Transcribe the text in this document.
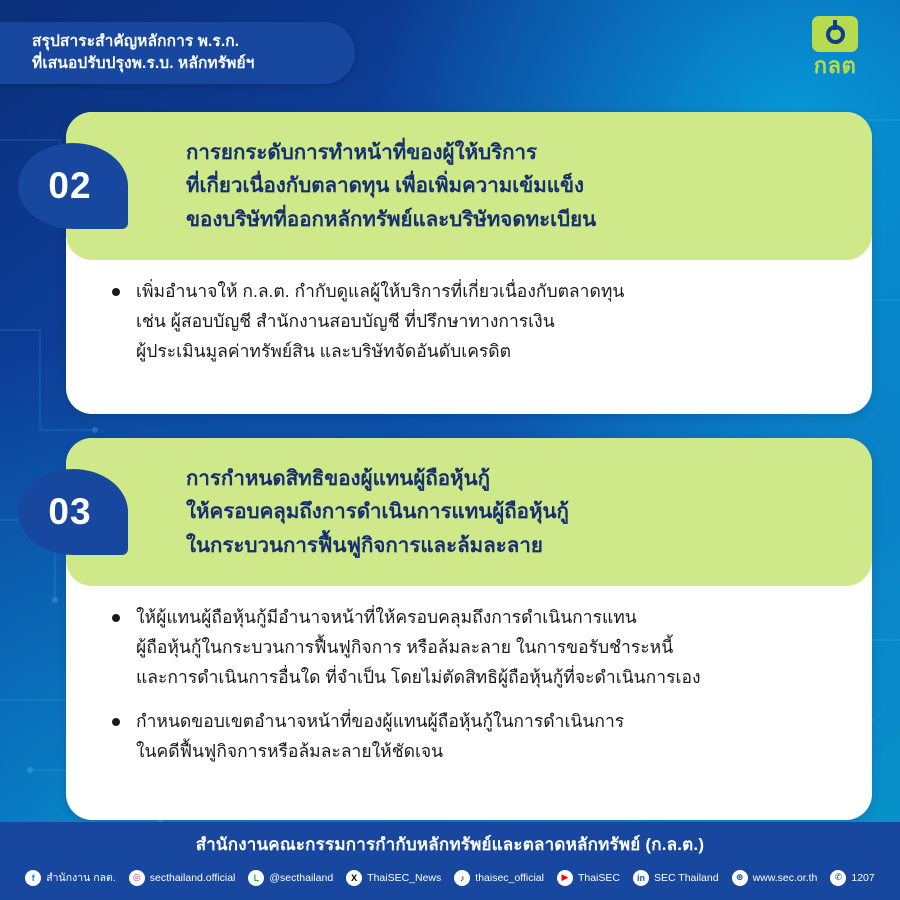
สรุปสาระสำคัญหลักการ พ.ร.ก.
ที่เสนอปรับปรุงพ.ร.บ. หลักทรัพย์ฯ	กลต
02
การยกระดับการทำหน้าที่ของผู้ให้บริการ
ที่เกี่ยวเนื่องกับตลาดทุน เพื่อเพิ่มความเข้มแข็ง
ของบริษัทที่ออกหลักทรัพย์และบริษัทจดทะเบียน
เพิ่มอำนาจให้ ก.ล.ต. กำกับดูแลผู้ให้บริการที่เกี่ยวเนื่องกับตลาดทุน
เช่น ผู้สอบบัญชี สำนักงานสอบบัญชี ที่ปรึกษาทางการเงิน
ผู้ประเมินมูลค่าทรัพย์สิน และบริษัทจัดอันดับเครดิต
03
การกำหนดสิทธิของผู้แทนผู้ถือหุ้นกู้
ให้ครอบคลุมถึงการดำเนินการแทนผู้ถือหุ้นกู้
ในกระบวนการฟื้นฟูกิจการและล้มละลาย
ให้ผู้แทนผู้ถือหุ้นกู้มีอำนาจหน้าที่ให้ครอบคลุมถึงการดำเนินการแทน
ผู้ถือหุ้นกู้ในกระบวนการฟื้นฟูกิจการ หรือล้มละลาย ในการขอรับชำระหนี้
และการดำเนินการอื่นใด ที่จำเป็น โดยไม่ตัดสิทธิผู้ถือหุ้นกู้ที่จะดำเนินการเอง
กำหนดขอบเขตอำนาจหน้าที่ของผู้แทนผู้ถือหุ้นกู้ในการดำเนินการ
ในคดีฟื้นฟูกิจการหรือล้มละลายให้ชัดเจน
สำนักงานคณะกรรมการกำกับหลักทรัพย์และตลาดหลักทรัพย์ (ก.ล.ต.)
f	สำนักงาน กลต.	◎ secthailand.official	L @secthailand	X ThaiSEC_News	♪	thaisec_official	▶ ThaiSEC	in SEC Thailand	⊕ www.sec.or.th	✆ 1207
